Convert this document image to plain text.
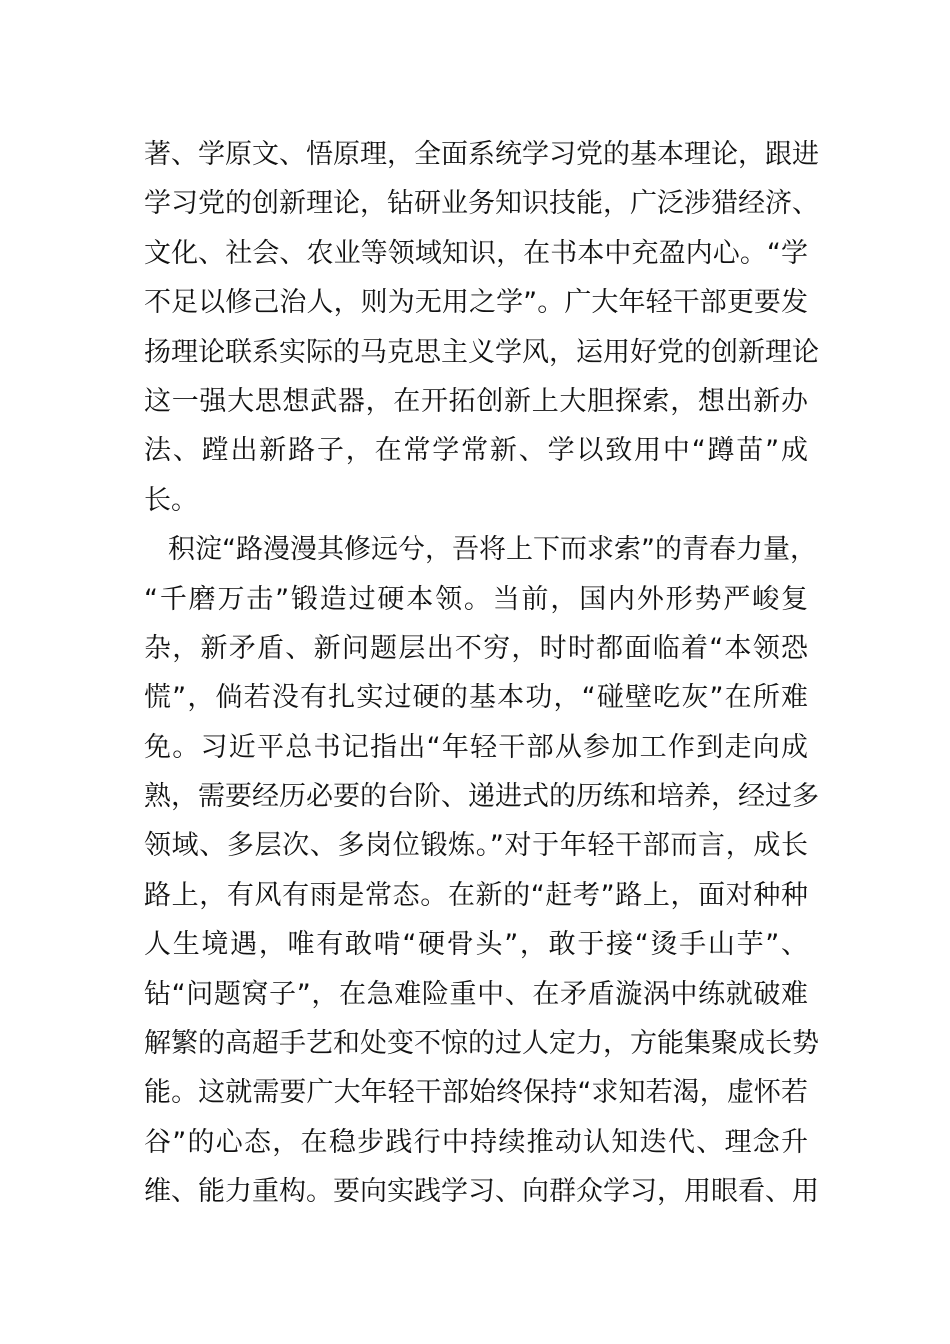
著、学原文、悟原理，全面系统学习党的基本理论，跟进
学习党的创新理论，钻研业务知识技能，广泛涉猎经济、
文化、社会、农业等领域知识，在书本中充盈内心。“学
不足以修己治人，则为无用之学”。广大年轻干部更要发
扬理论联系实际的马克思主义学风，运用好党的创新理论
这一强大思想武器，在开拓创新上大胆探索，想出新办
法、蹚出新路子，在常学常新、学以致用中“蹲苗”成
长。
积淀“路漫漫其修远兮，吾将上下而求索”的青春力量，
“千磨万击”锻造过硬本领。当前，国内外形势严峻复
杂，新矛盾、新问题层出不穷，时时都面临着“本领恐
慌”，倘若没有扎实过硬的基本功，“碰壁吃灰”在所难
免。习近平总书记指出“年轻干部从参加工作到走向成
熟，需要经历必要的台阶、递进式的历练和培养，经过多
领域、多层次、多岗位锻炼。”对于年轻干部而言，成长
路上，有风有雨是常态。在新的“赶考”路上，面对种种
人生境遇，唯有敢啃“硬骨头”，敢于接“烫手山芋”、
钻“问题窝子”，在急难险重中、在矛盾漩涡中练就破难
解繁的高超手艺和处变不惊的过人定力，方能集聚成长势
能。这就需要广大年轻干部始终保持“求知若渴，虚怀若
谷”的心态，在稳步践行中持续推动认知迭代、理念升
维、能力重构。要向实践学习、向群众学习，用眼看、用
